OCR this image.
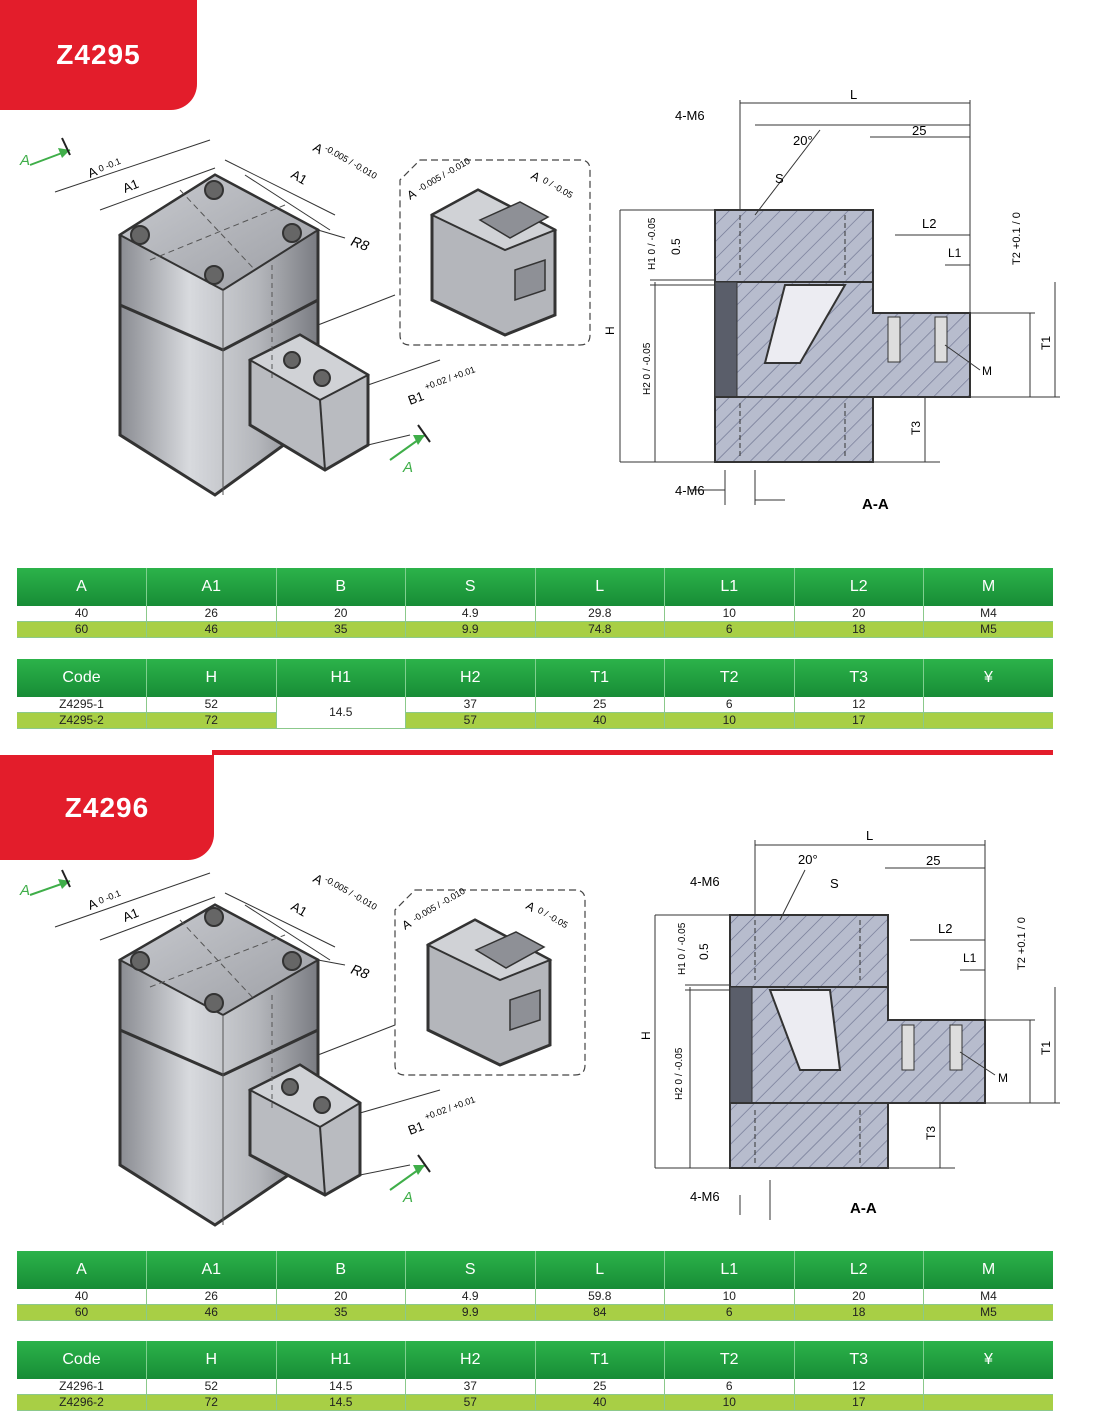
Z4295
A
A
A
0 -0.1
A1	A1
A
-0.005 / -0.010
R8
B1
+0.02 / +0.01
A
-0.005 / -0.010	A
0 / -0.05
4-M6
4-M6
L
25
20°
S
L2
L1	T2 +0.1 / 0
T1
T3
M
H
H1 0 / -0.05 0.5
H2 0 / -0.05
A-A
A	A1	B	S	L	L1	L2	M
40	26	20	4.9	29.8	10	20	M4
60	46	35	9.9	74.8	6	18	M5
Code	H	H1	H2	T1	T2	T3	¥
Z4295-1	52	14.5	37	25	6	12	
Z4295-2	72		57	40	10	17	
Z4296
A
A
A
0 -0.1
A1	A1
A
-0.005 / -0.010
R8
B1
+0.02 / +0.01
A
-0.005 / -0.010	A
0 / -0.05
4-M6
4-M6
L
25
20°
S
L2
L1	T2 +0.1 / 0
T1
T3
M
H
H1 0 / -0.05 0.5
H2 0 / -0.05
A-A
A	A1	B	S	L	L1	L2	M
40	26	20	4.9	59.8	10	20	M4
60	46	35	9.9	84	6	18	M5
Code	H	H1	H2	T1	T2	T3	¥
Z4296-1	52	14.5	37	25	6	12	
Z4296-2	72	14.5	57	40	10	17	
